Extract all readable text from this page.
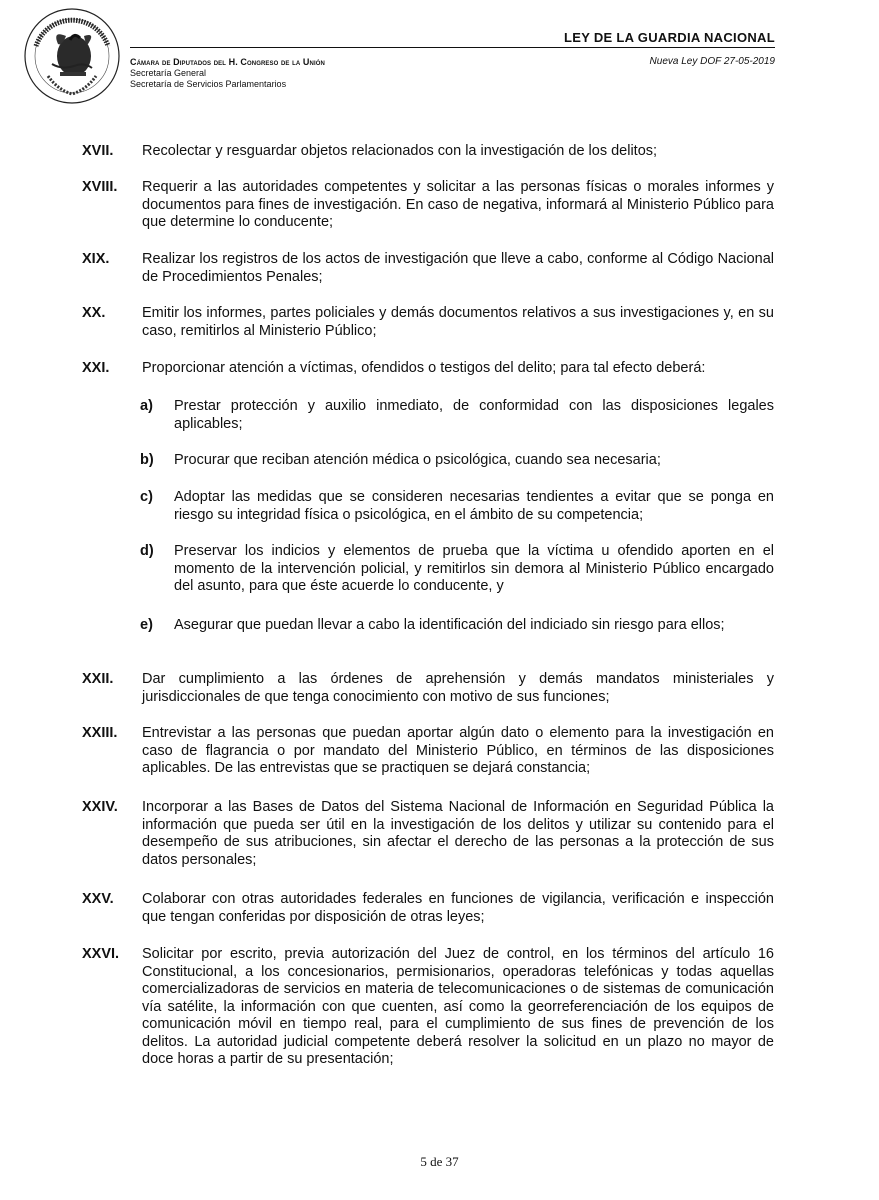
LEY DE LA GUARDIA NACIONAL
Nueva Ley DOF 27-05-2019
Cámara de Diputados del H. Congreso de la Unión
Secretaría General
Secretaría de Servicios Parlamentarios
XVII. Recolectar y resguardar objetos relacionados con la investigación de los delitos;
XVIII. Requerir a las autoridades competentes y solicitar a las personas físicas o morales informes y documentos para fines de investigación. En caso de negativa, informará al Ministerio Público para que determine lo conducente;
XIX. Realizar los registros de los actos de investigación que lleve a cabo, conforme al Código Nacional de Procedimientos Penales;
XX.	Emitir los informes, partes policiales y demás documentos relativos a sus investigaciones y, en su caso, remitirlos al Ministerio Público;
XXI. Proporcionar atención a víctimas, ofendidos o testigos del delito; para tal efecto deberá:
a) Prestar protección y auxilio inmediato, de conformidad con las disposiciones legales aplicables;
b) Procurar que reciban atención médica o psicológica, cuando sea necesaria;
c) Adoptar las medidas que se consideren necesarias tendientes a evitar que se ponga en riesgo su integridad física o psicológica, en el ámbito de su competencia;
d) Preservar los indicios y elementos de prueba que la víctima u ofendido aporten en el momento de la intervención policial, y remitirlos sin demora al Ministerio Público encargado del asunto, para que éste acuerde lo conducente, y
e) Asegurar que puedan llevar a cabo la identificación del indiciado sin riesgo para ellos;
XXII. Dar cumplimiento a las órdenes de aprehensión y demás mandatos ministeriales y jurisdiccionales de que tenga conocimiento con motivo de sus funciones;
XXIII. Entrevistar a las personas que puedan aportar algún dato o elemento para la investigación en caso de flagrancia o por mandato del Ministerio Público, en términos de las disposiciones aplicables. De las entrevistas que se practiquen se dejará constancia;
XXIV. Incorporar a las Bases de Datos del Sistema Nacional de Información en Seguridad Pública la información que pueda ser útil en la investigación de los delitos y utilizar su contenido para el desempeño de sus atribuciones, sin afectar el derecho de las personas a la protección de sus datos personales;
XXV. Colaborar con otras autoridades federales en funciones de vigilancia, verificación e inspección que tengan conferidas por disposición de otras leyes;
XXVI. Solicitar por escrito, previa autorización del Juez de control, en los términos del artículo 16 Constitucional, a los concesionarios, permisionarios, operadoras telefónicas y todas aquellas comercializadoras de servicios en materia de telecomunicaciones o de sistemas de comunicación vía satélite, la información con que cuenten, así como la georreferenciación de los equipos de comunicación móvil en tiempo real, para el cumplimiento de sus fines de prevención de los delitos. La autoridad judicial competente deberá resolver la solicitud en un plazo no mayor de doce horas a partir de su presentación;
5 de 37
